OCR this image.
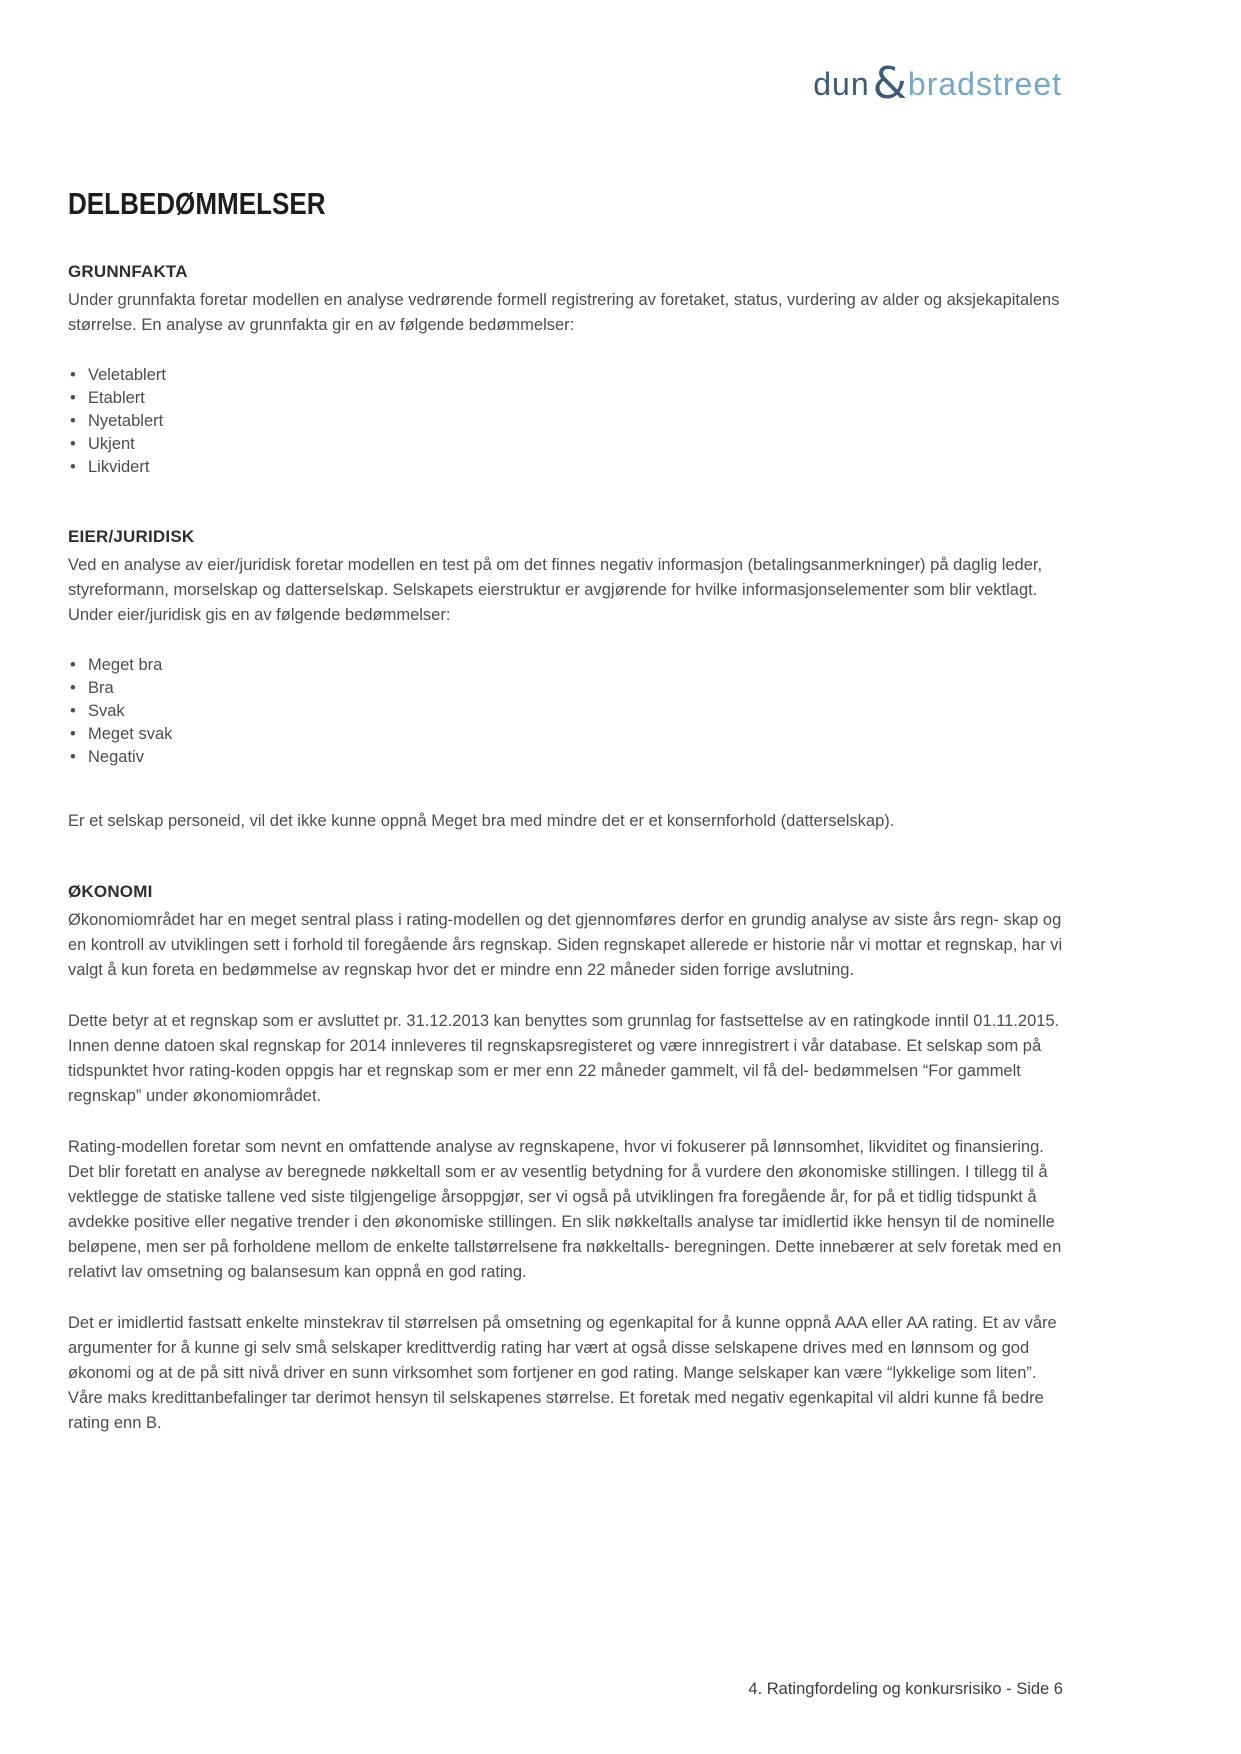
dun & bradstreet
DELBEDØMMELSER

GRUNNFAKTA

Under grunnfakta foretar modellen en analyse vedrørende formell registrering av foretaket, status, vurdering av alder og aksjekapitalens størrelse. En analyse av grunnfakta gir en av følgende bedømmelser:

• Veletablert
• Etablert
• Nyetablert
• Ukjent
• Likvidert
EIER/JURIDISK

Ved en analyse av eier/juridisk foretar modellen en test på om det finnes negativ informasjon (betalingsanmerkninger) på daglig leder, styreformann, morselskap og datterselskap. Selskapets eierstruktur er avgjørende for hvilke informasjonselementer som blir vektlagt. Under eier/juridisk gis en av følgende bedømmelser:

• Meget bra
• Bra
• Svak
• Meget svak
• Negativ

Er et selskap personeid, vil det ikke kunne oppnå Meget bra med mindre det er et konsernforhold (datterselskap).

ØKONOMI

Økonomiområdet har en meget sentral plass i rating-modellen og det gjennomføres derfor en grundig analyse av siste års regn- skap og en kontroll av utviklingen sett i forhold til foregående års regnskap. Siden regnskapet allerede er historie når vi mottar et regnskap, har vi valgt å kun foreta en bedømmelse av regnskap hvor det er mindre enn 22 måneder siden forrige avslutning.

Dette betyr at et regnskap som er avsluttet pr. 31.12.2013 kan benyttes som grunnlag for fastsettelse av en ratingkode inntil 01.11.2015. Innen denne datoen skal regnskap for 2014 innleveres til regnskapsregisteret og være innregistrert i vår database. Et selskap som på tidspunktet hvor rating-koden oppgis har et regnskap som er mer enn 22 måneder gammelt, vil få del- bedømmelsen “For gammelt regnskap” under økonomiområdet.

Rating-modellen foretar som nevnt en omfattende analyse av regnskapene, hvor vi fokuserer på lønnsomhet, likviditet og finansiering. Det blir foretatt en analyse av beregnede nøkkeltall som er av vesentlig betydning for å vurdere den økonomiske stillingen. I tillegg til å vektlegge de statiske tallene ved siste tilgjengelige årsoppgjør, ser vi også på utviklingen fra foregående år, for på et tidlig tidspunkt å avdekke positive eller negative trender i den økonomiske stillingen. En slik nøkkeltalls analyse tar imidlertid ikke hensyn til de nominelle beløpene, men ser på forholdene mellom de enkelte tallstørrelsene fra nøkkeltalls- beregningen. Dette innebærer at selv foretak med en relativt lav omsetning og balansesum kan oppnå en god rating.

Det er imidlertid fastsatt enkelte minstekrav til størrelsen på omsetning og egenkapital for å kunne oppnå AAA eller AA rating. Et av våre argumenter for å kunne gi selv små selskaper kredittverdig rating har vært at også disse selskapene drives med en lønnsom og god økonomi og at de på sitt nivå driver en sunn virksomhet som fortjener en god rating. Mange selskaper kan være “lykkelige som liten”. Våre maks kredittanbefalinger tar derimot hensyn til selskapenes størrelse. Et foretak med negativ egenkapital vil aldri kunne få bedre rating enn B.

4. Ratingfordeling og konkursrisiko - Side 6
